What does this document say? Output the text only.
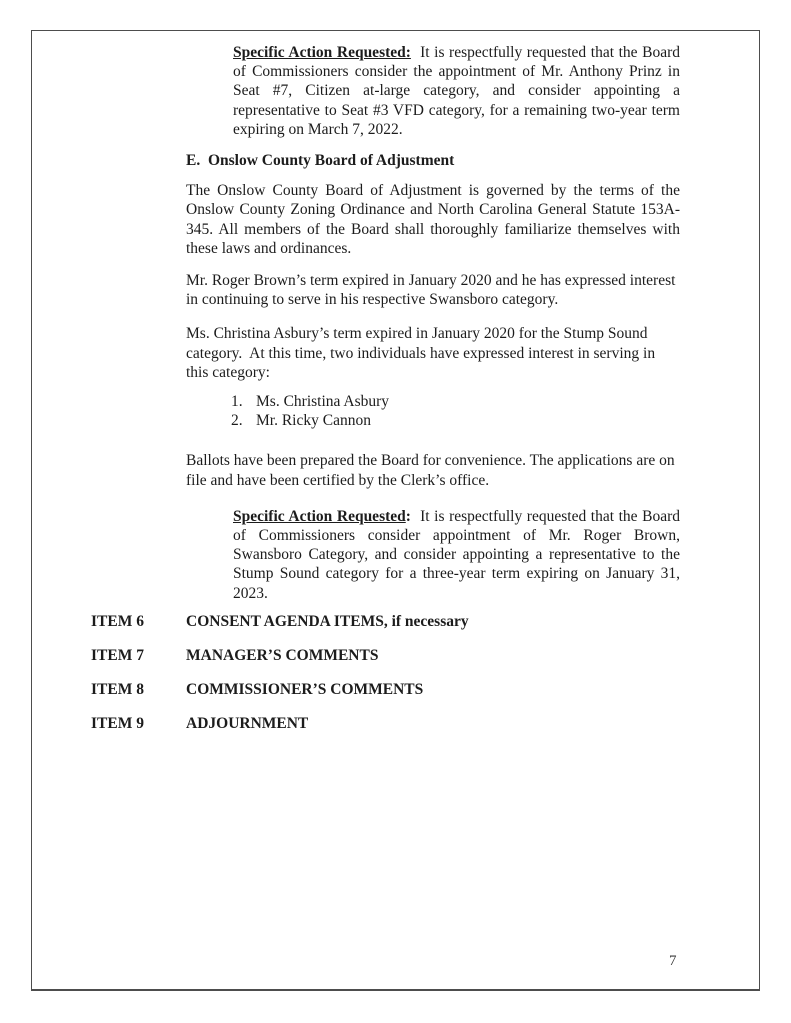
Specific Action Requested:  It is respectfully requested that the Board of Commissioners consider the appointment of Mr. Anthony Prinz in Seat #7, Citizen at-large category, and consider appointing a representative to Seat #3 VFD category, for a remaining two-year term expiring on March 7, 2022.

E.  Onslow County Board of Adjustment

The Onslow County Board of Adjustment is governed by the terms of the Onslow County Zoning Ordinance and North Carolina General Statute 153A-345. All members of the Board shall thoroughly familiarize themselves with these laws and ordinances.

Mr. Roger Brown’s term expired in January 2020 and he has expressed interest in continuing to serve in his respective Swansboro category.

Ms. Christina Asbury’s term expired in January 2020 for the Stump Sound category.  At this time, two individuals have expressed interest in serving in this category:

1. Ms. Christina Asbury
2. Mr. Ricky Cannon

Ballots have been prepared the Board for convenience. The applications are on file and have been certified by the Clerk’s office.

Specific Action Requested:  It is respectfully requested that the Board of Commissioners consider appointment of Mr. Roger Brown, Swansboro Category, and consider appointing a representative to the Stump Sound category for a three-year term expiring on January 31, 2023.

ITEM 6	CONSENT AGENDA ITEMS, if necessary
ITEM 7	MANAGER’S COMMENTS
ITEM 8	COMMISSIONER’S COMMENTS
ITEM 9	ADJOURNMENT
7
